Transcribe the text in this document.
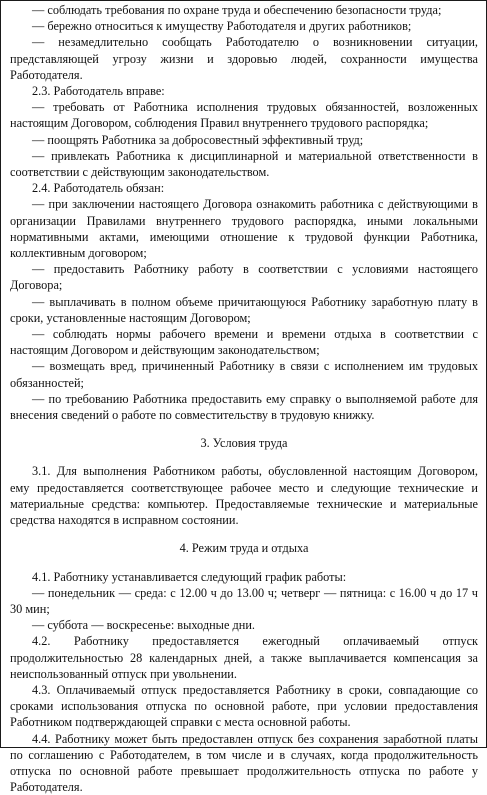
— соблюдать требования по охране труда и обеспечению безопасности труда;

— бережно относиться к имуществу Работодателя и других работников;

— незамедлительно сообщать Работодателю о возникновении ситуации, представляющей угрозу жизни и здоровью людей, сохранности имущества Работодателя.

2.3. Работодатель вправе:

— требовать от Работника исполнения трудовых обязанностей, возложенных настоящим Договором, соблюдения Правил внутреннего трудового распорядка;

— поощрять Работника за добросовестный эффективный труд;

— привлекать Работника к дисциплинарной и материальной ответственности в соответствии с действующим законодательством.

2.4. Работодатель обязан:

— при заключении настоящего Договора ознакомить работника с действующими в организации Правилами внутреннего трудового распорядка, иными локальными нормативными актами, имеющими отношение к трудовой функции Работника, коллективным договором;

— предоставить Работнику работу в соответствии с условиями настоящего Договора;

— выплачивать в полном объеме причитающуюся Работнику заработную плату в сроки, установленные настоящим Договором;

— соблюдать нормы рабочего времени и времени отдыха в соответствии с настоящим Договором и действующим законодательством;

— возмещать вред, причиненный Работнику в связи с исполнением им трудовых обязанностей;

— по требованию Работника предоставить ему справку о выполняемой работе для внесения сведений о работе по совместительству в трудовую книжку.

3. Условия труда

3.1. Для выполнения Работником работы, обусловленной настоящим Договором, ему предоставляется соответствующее рабочее место и следующие технические и материальные средства: компьютер. Предоставляемые технические и материальные средства находятся в исправном состоянии.

4. Режим труда и отдыха

4.1. Работнику устанавливается следующий график работы:

— понедельник — среда: с 12.00 ч до 13.00 ч; четверг — пятница: с 16.00 ч до 17 ч 30 мин;

— суббота — воскресенье: выходные дни.

4.2. Работнику предоставляется ежегодный оплачиваемый отпуск продолжительностью 28 календарных дней, а также выплачивается компенсация за неиспользованный отпуск при увольнении.

4.3. Оплачиваемый отпуск предоставляется Работнику в сроки, совпадающие со сроками использования отпуска по основной работе, при условии предоставления Работником подтверждающей справки с места основной работы.

4.4. Работнику может быть предоставлен отпуск без сохранения заработной платы по соглашению с Работодателем, в том числе и в случаях, когда продолжительность отпуска по основной работе превышает продолжительность отпуска по работе у Работодателя.
